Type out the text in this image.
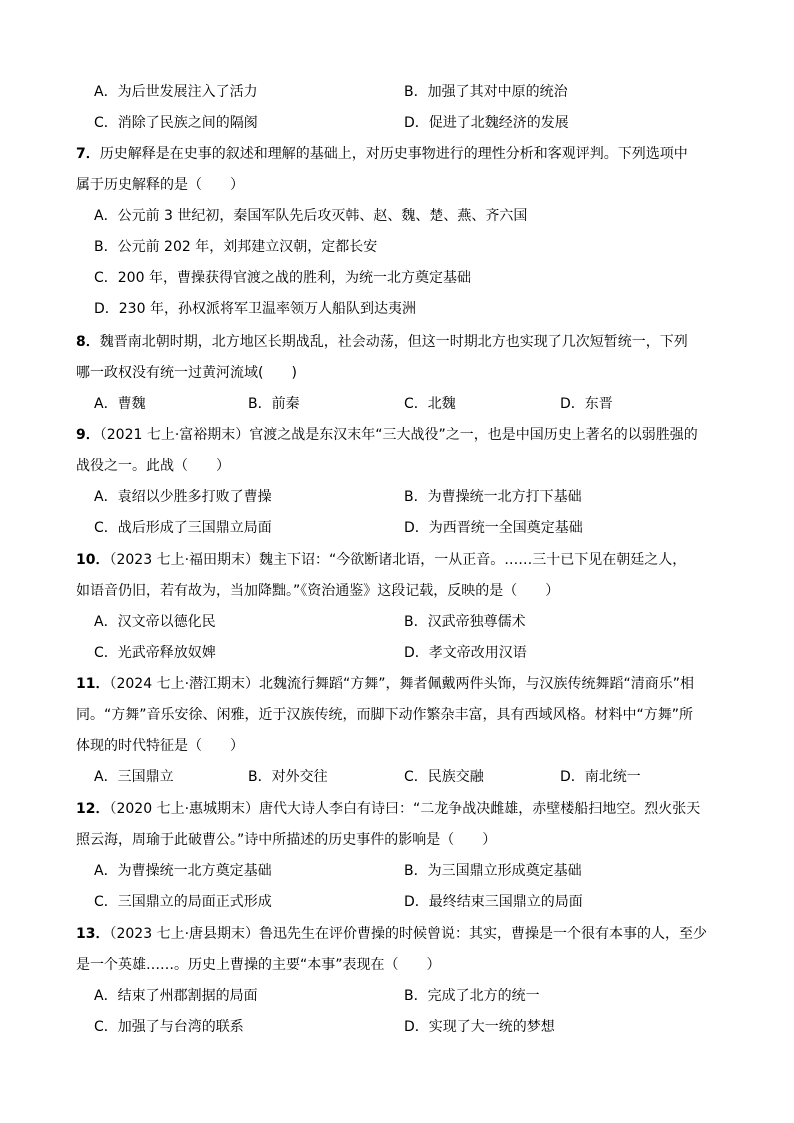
A．为后世发展注入了活力	B．加强了其对中原的统治
C．消除了民族之间的隔阂	D．促进了北魏经济的发展
7．历史解释是在史事的叙述和理解的基础上，对历史事物进行的理性分析和客观评判。下列选项中
属于历史解释的是（　　）
A．公元前 3 世纪初，秦国军队先后攻灭韩、赵、魏、楚、燕、齐六国
B．公元前 202 年，刘邦建立汉朝，定都长安
C．200 年，曹操获得官渡之战的胜利，为统一北方奠定基础
D．230 年，孙权派将军卫温率领万人船队到达夷洲
8．魏晋南北朝时期，北方地区长期战乱，社会动荡，但这一时期北方也实现了几次短暂统一，下列
哪一政权没有统一过黄河流域(　　)
A．曹魏	B．前秦	C．北魏	D．东晋
9．（2021 七上·富裕期末）官渡之战是东汉末年“三大战役”之一，也是中国历史上著名的以弱胜强的
战役之一。此战（　　）
A．袁绍以少胜多打败了曹操	B．为曹操统一北方打下基础
C．战后形成了三国鼎立局面	D．为西晋统一全国奠定基础
10．（2023 七上·福田期末）魏主下诏：“今欲断诸北语，一从正音。……三十已下见在朝廷之人，
如语音仍旧，若有故为，当加降黜。”《资治通鉴》这段记载，反映的是（　　）
A．汉文帝以德化民	B．汉武帝独尊儒术
C．光武帝释放奴婢	D．孝文帝改用汉语
11．（2024 七上·潜江期末）北魏流行舞蹈“方舞”，舞者佩戴两件头饰，与汉族传统舞蹈“清商乐”相
同。“方舞”音乐安徐、闲雅，近于汉族传统，而脚下动作繁杂丰富，具有西域风格。材料中“方舞”所
体现的时代特征是（　　）
A．三国鼎立	B．对外交往	C．民族交融	D．南北统一
12．（2020 七上·惠城期末）唐代大诗人李白有诗曰：“二龙争战决雌雄，赤壁楼船扫地空。烈火张天
照云海，周瑜于此破曹公。”诗中所描述的历史事件的影响是（　　）
A．为曹操统一北方奠定基础	B．为三国鼎立形成奠定基础
C．三国鼎立的局面正式形成	D．最终结束三国鼎立的局面
13．（2023 七上·唐县期末）鲁迅先生在评价曹操的时候曾说：其实，曹操是一个很有本事的人，至少
是一个英雄……。历史上曹操的主要“本事”表现在（　　）
A．结束了州郡割据的局面	B．完成了北方的统一
C．加强了与台湾的联系	D．实现了大一统的梦想
